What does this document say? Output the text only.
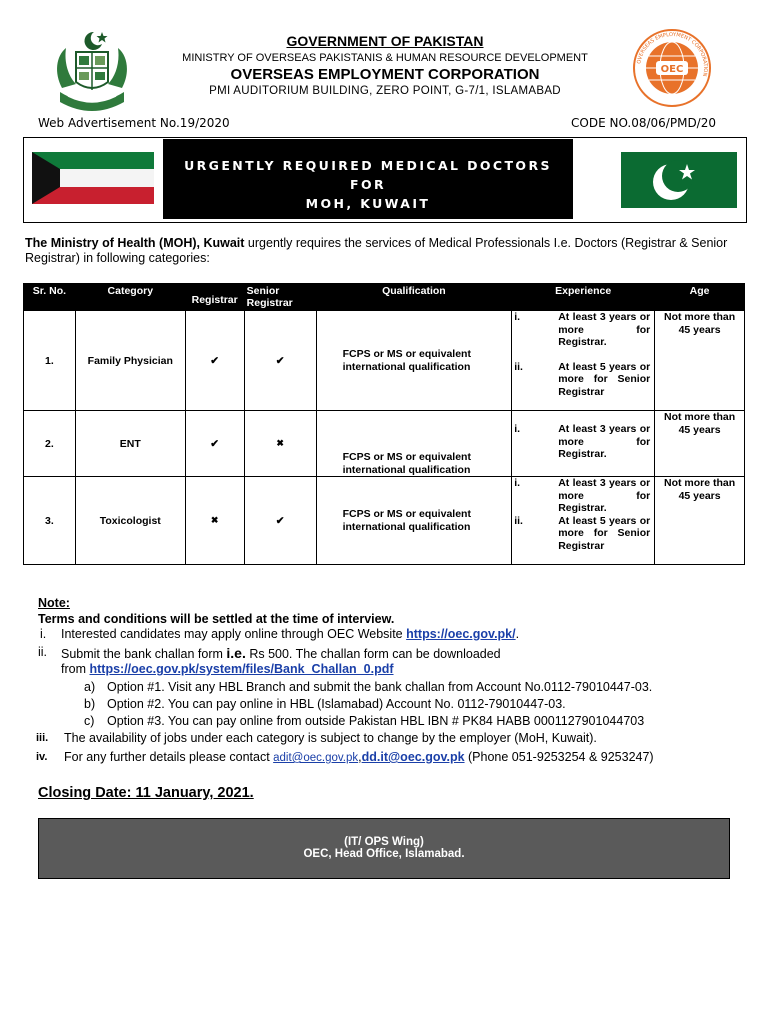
OEC
OVERSEAS EMPLOYMENT CORPORATION
GOVERNMENT OF PAKISTAN
MINISTRY OF OVERSEAS PAKISTANIS & HUMAN RESOURCE DEVELOPMENT
OVERSEAS EMPLOYMENT CORPORATION
PMI AUDITORIUM BUILDING, ZERO POINT, G-7/1, ISLAMABAD
Web Advertisement No.19/2020	CODE NO.08/06/PMD/20
URGENTLY REQUIRED MEDICAL DOCTORS FOR
MOH, KUWAIT
The Ministry of Health (MOH), Kuwait urgently requires the services of Medical Professionals I.e. Doctors (Registrar & Senior Registrar) in following categories:
Sr. No.	Category	Registrar	Senior Registrar	Qualification	Experience	Age
1.	Family Physician	✔	✔	FCPS or MS or equivalent international qualification	i. At least 3 years or more for Registrar.
ii. At least 5 years or more for Senior Registrar	Not more than 45 years
2.	ENT	✔	✖	FCPS or MS or equivalent international qualification	i. At least 3 years or more for Registrar.	Not more than 45 years
3.	Toxicologist	✖	✔	FCPS or MS or equivalent international qualification	i. At least 3 years or more for Registrar.
ii. At least 5 years or more for Senior Registrar	Not more than 45 years
Note:
Terms and conditions will be settled at the time of interview.
i. Interested candidates may apply online through OEC Website https://oec.gov.pk/.
ii. Submit the bank challan form i.e. Rs 500. The challan form can be downloaded
from https://oec.gov.pk/system/files/Bank_Challan_0.pdf
a) Option #1. Visit any HBL Branch and submit the bank challan from Account No.0112-79010447-03.
b) Option #2. You can pay online in HBL (Islamabad) Account No. 0112-79010447-03.
c) Option #3. You can pay online from outside Pakistan HBL IBN # PK84 HABB 0001127901044703
iii. The availability of jobs under each category is subject to change by the employer (MoH, Kuwait).
iv. For any further details please contact adit@oec.gov.pk,dd.it@oec.gov.pk (Phone 051-9253254 & 9253247)
Closing Date: 11 January, 2021.
(IT/ OPS Wing)
OEC, Head Office, Islamabad.
